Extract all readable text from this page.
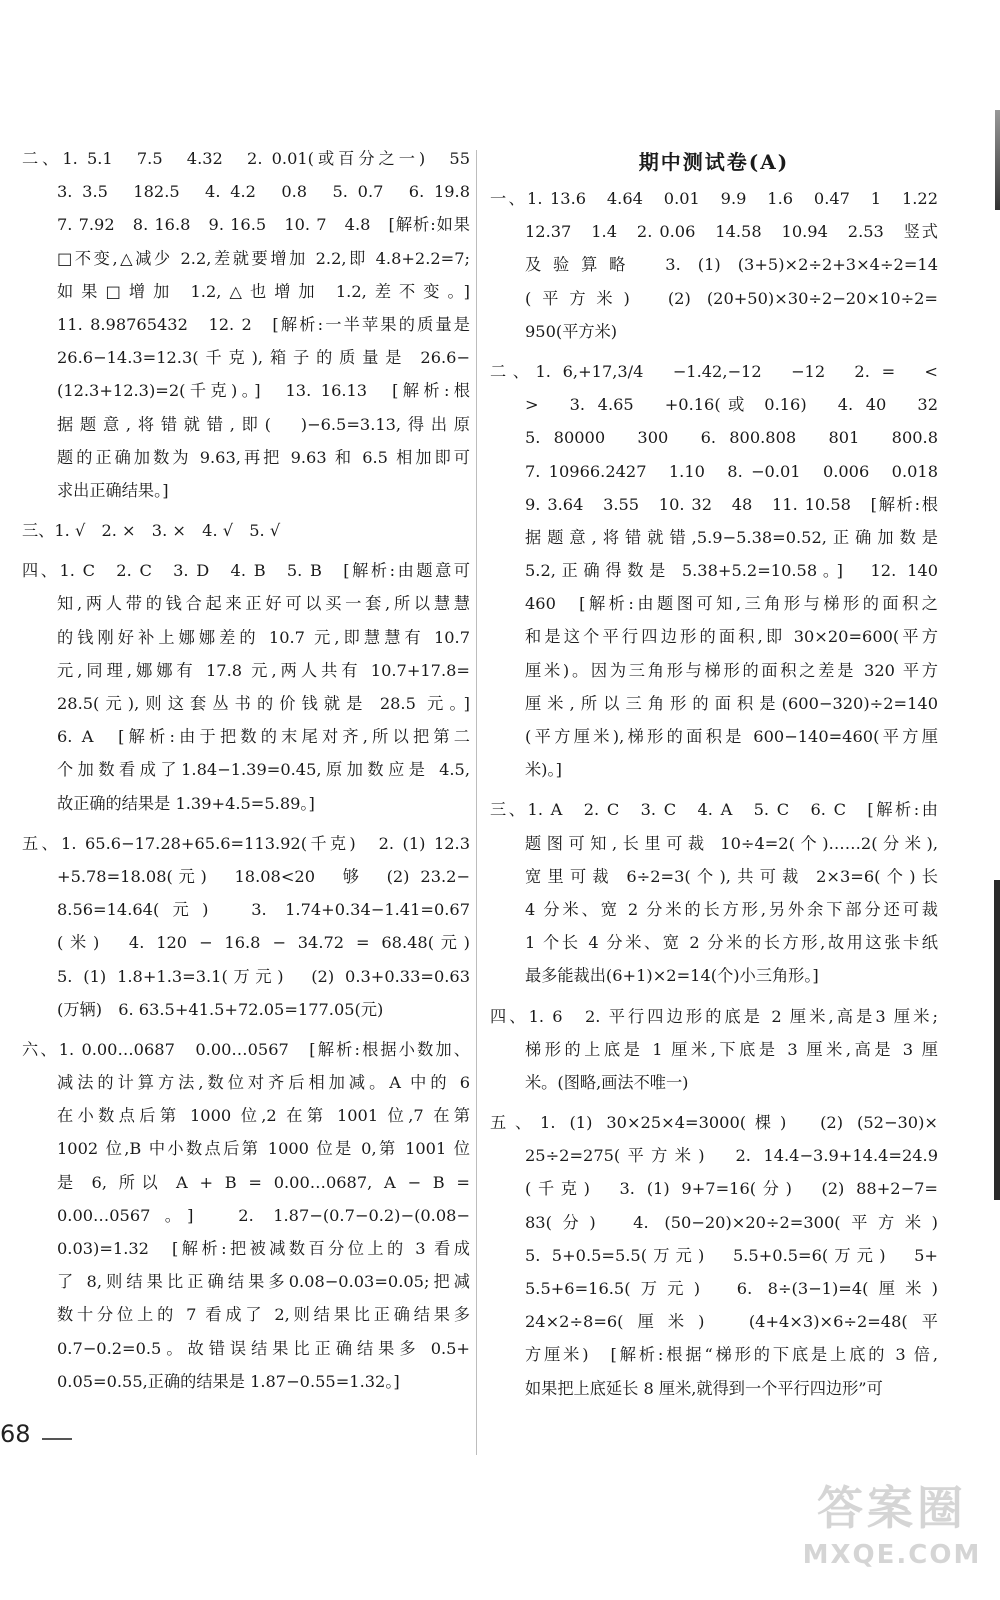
二、1. 5.1　7.5　4.32　2. 0.01(或百分之一)　55
3. 3.5　182.5　4. 4.2　0.8　5. 0.7　6. 19.8
7. 7.92　8. 16.8　9. 16.5　10. 7　4.8　[解析:如果
□不变,△减少 2.2,差就要增加 2.2,即 4.8+2.2=7;
如果□增加 1.2,△也增加 1.2,差不变。]
11. 8.98765432　12. 2　[解析:一半苹果的质量是
26.6−14.3=12.3(千克),箱子的质量是 26.6−
(12.3+12.3)=2(千克)。]　13. 16.13　[解析:根
据题意,将错就错,即(　)−6.5=3.13,得出原
题的正确加数为 9.63,再把 9.63 和 6.5 相加即可
求出正确结果。]
三、1. √　2. ×　3. ×　4. √　5. √
四、1. C　2. C　3. D　4. B　5. B　[解析:由题意可
知,两人带的钱合起来正好可以买一套,所以慧慧
的钱刚好补上娜娜差的 10.7 元,即慧慧有 10.7
元,同理,娜娜有 17.8 元,两人共有 10.7+17.8=
28.5(元),则这套丛书的价钱就是 28.5 元。]
6. A　[解析:由于把数的末尾对齐,所以把第二
个加数看成了1.84−1.39=0.45,原加数应是 4.5,
故正确的结果是 1.39+4.5=5.89。]
五、1. 65.6−17.28+65.6=113.92(千克)　2. (1) 12.3
+5.78=18.08(元)　18.08<20　够　(2) 23.2−
8.56=14.64(元)　3. 1.74+0.34−1.41=0.67
(米)　4. 120 − 16.8 − 34.72 = 68.48(元)
5. (1) 1.8+1.3=3.1(万元)　(2) 0.3+0.33=0.63
(万辆)　6. 63.5+41.5+72.05=177.05(元)
六、1. 0.00…0687　0.00…0567　[解析:根据小数加、
减法的计算方法,数位对齐后相加减。A 中的 6
在小数点后第 1000 位,2 在第 1001 位,7 在第
1002 位,B 中小数点后第 1000 位是 0,第 1001 位
是 6, 所以 A + B = 0.00…0687, A − B =
0.00…0567。]　2. 1.87−(0.7−0.2)−(0.08−
0.03)=1.32　[解析:把被减数百分位上的 3 看成
了 8,则结果比正确结果多0.08−0.03=0.05;把减
数十分位上的 7 看成了 2,则结果比正确结果多
0.7−0.2=0.5。故错误结果比正确结果多 0.5+
0.05=0.55,正确的结果是 1.87−0.55=1.32。]
期中测试卷(A)
一、1. 13.6　4.64　0.01　9.9　1.6　0.47　1　1.22
12.37　1.4　2. 0.06　14.58　10.94　2.53　竖式
及验算略　3. (1) (3+5)×2÷2+3×4÷2=14
(平方米)　(2) (20+50)×30÷2−20×10÷2=
950(平方米)
二、1. 6,+17,3/4　−1.42,−12　−12　2. =　<
>　3. 4.65　+0.16(或 0.16)　4. 40　32
5. 80000　300　6. 800.808　801　800.8
7. 10966.2427　1.10　8. −0.01　0.006　0.018
9. 3.64　3.55　10. 32　48　11. 10.58　[解析:根
据题意,将错就错,5.9−5.38=0.52,正确加数是
5.2,正确得数是 5.38+5.2=10.58。]　12. 140
460　[解析:由题图可知,三角形与梯形的面积之
和是这个平行四边形的面积,即 30×20=600(平方
厘米)。因为三角形与梯形的面积之差是 320 平方
厘米,所以三角形的面积是(600−320)÷2=140
(平方厘米),梯形的面积是 600−140=460(平方厘
米)。]
三、1. A　2. C　3. C　4. A　5. C　6. C　[解析:由
题图可知,长里可裁 10÷4=2(个)……2(分米),
宽里可裁 6÷2=3(个),共可裁 2×3=6(个)长
4 分米、宽 2 分米的长方形,另外余下部分还可裁
1 个长 4 分米、宽 2 分米的长方形,故用这张卡纸
最多能裁出(6+1)×2=14(个)小三角形。]
四、1. 6　2. 平行四边形的底是 2 厘米,高是3 厘米;
梯形的上底是 1 厘米,下底是 3 厘米,高是 3 厘
米。(图略,画法不唯一)
五、1. (1) 30×25×4=3000(棵)　(2) (52−30)×
25÷2=275(平方米)　2. 14.4−3.9+14.4=24.9
(千克)　3. (1) 9+7=16(分)　(2) 88+2−7=
83(分)　4. (50−20)×20÷2=300(平方米)
5. 5+0.5=5.5(万元)　5.5+0.5=6(万元)　5+
5.5+6=16.5(万元)　6. 8÷(3−1)=4(厘米)
24×2÷8=6(厘米)　(4+4×3)×6÷2=48(平
方厘米)　[解析:根据“梯形的下底是上底的 3 倍,
如果把上底延长 8 厘米,就得到一个平行四边形”可
68
答案圈
MXQE.COM
